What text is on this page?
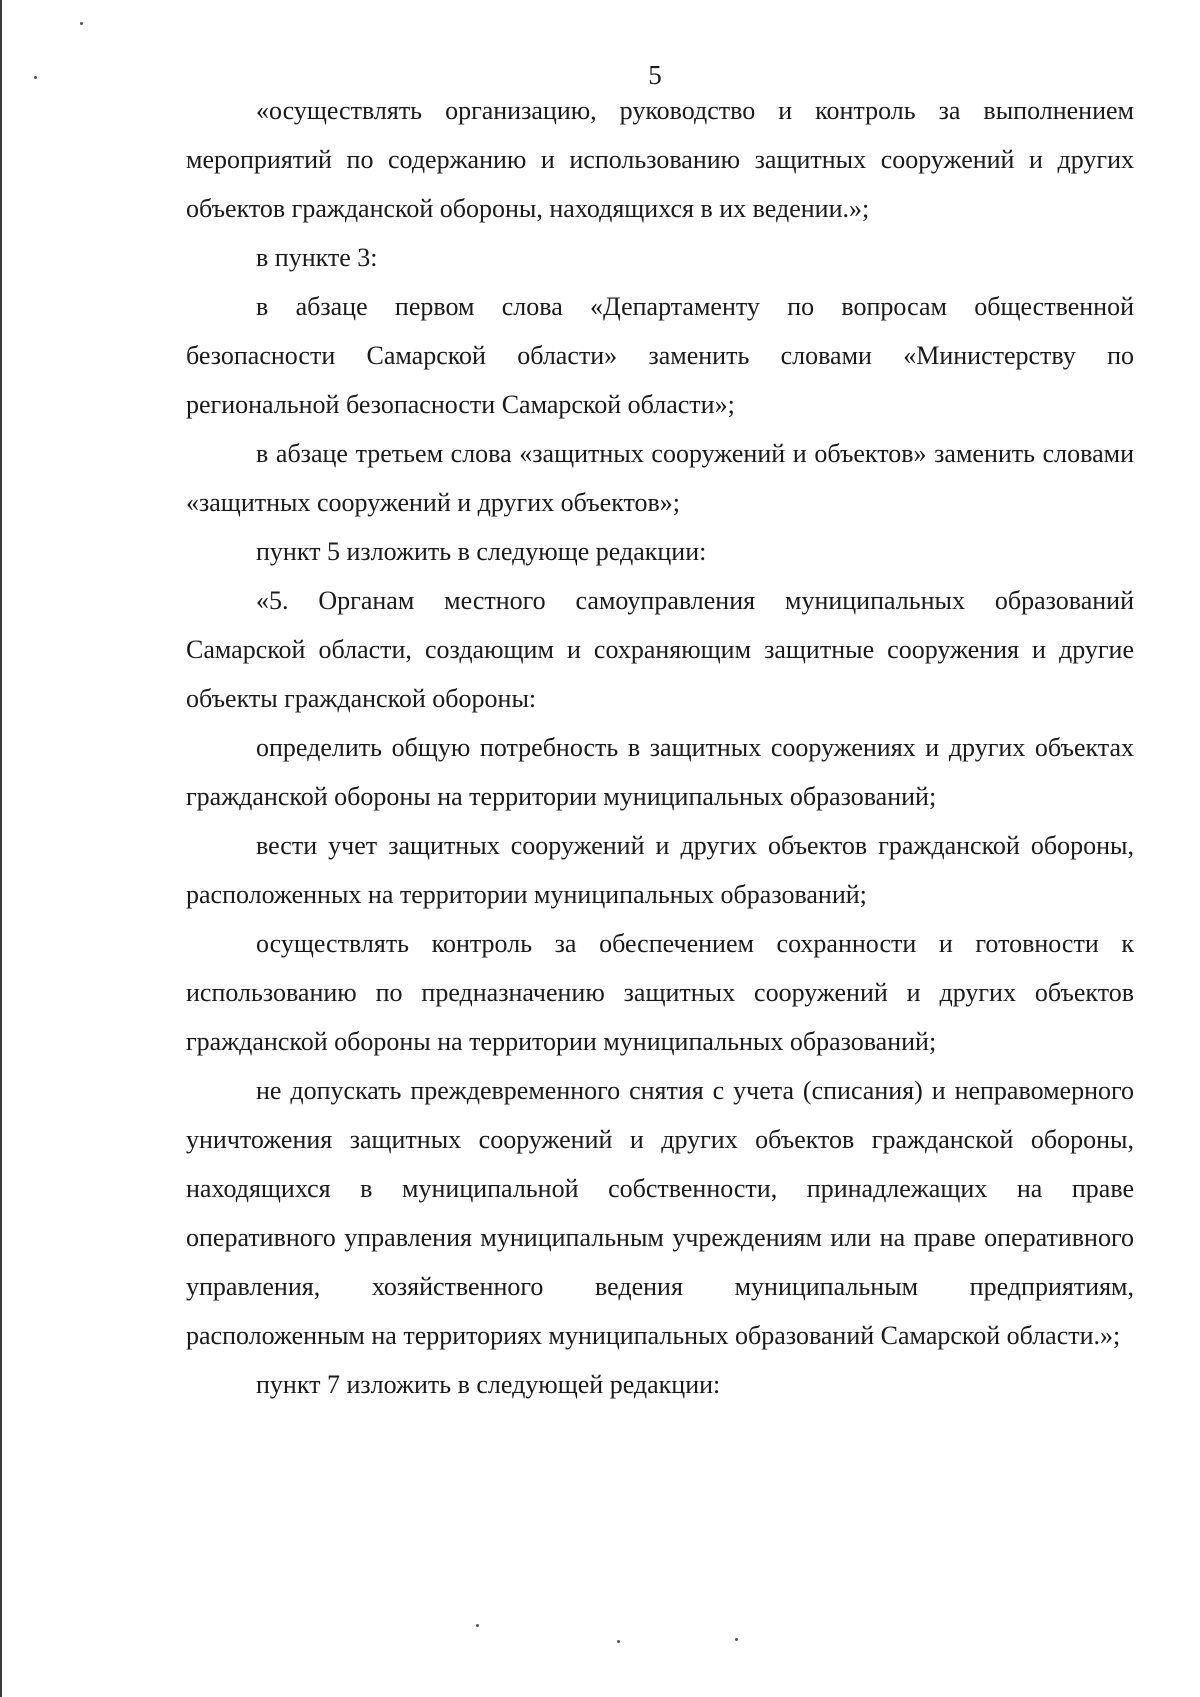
5

«осуществлять организацию, руководство и контроль за выполнением мероприятий по содержанию и использованию защитных сооружений и других объектов гражданской обороны, находящихся в их ведении.»;

в пункте 3:

в абзаце первом слова «Департаменту по вопросам общественной безопасности Самарской области» заменить словами «Министерству по региональной безопасности Самарской области»;

в абзаце третьем слова «защитных сооружений и объектов» заменить словами «защитных сооружений и других объектов»;

пункт 5 изложить в следующе редакции:

«5. Органам местного самоуправления муниципальных образований Самарской области, создающим и сохраняющим защитные сооружения и другие объекты гражданской обороны:

определить общую потребность в защитных сооружениях и других объектах гражданской обороны на территории муниципальных образований;

вести учет защитных сооружений и других объектов гражданской обороны, расположенных на территории муниципальных образований;

осуществлять контроль за обеспечением сохранности и готовности к использованию по предназначению защитных сооружений и других объектов гражданской обороны на территории муниципальных образований;

не допускать преждевременного снятия с учета (списания) и неправомерного уничтожения защитных сооружений и других объектов гражданской обороны, находящихся в муниципальной собственности, принадлежащих на праве оперативного управления муниципальным учреждениям или на праве оперативного управления, хозяйственного ведения муниципальным предприятиям, расположенным на территориях муниципальных образований Самарской области.»;

пункт 7 изложить в следующей редакции:
